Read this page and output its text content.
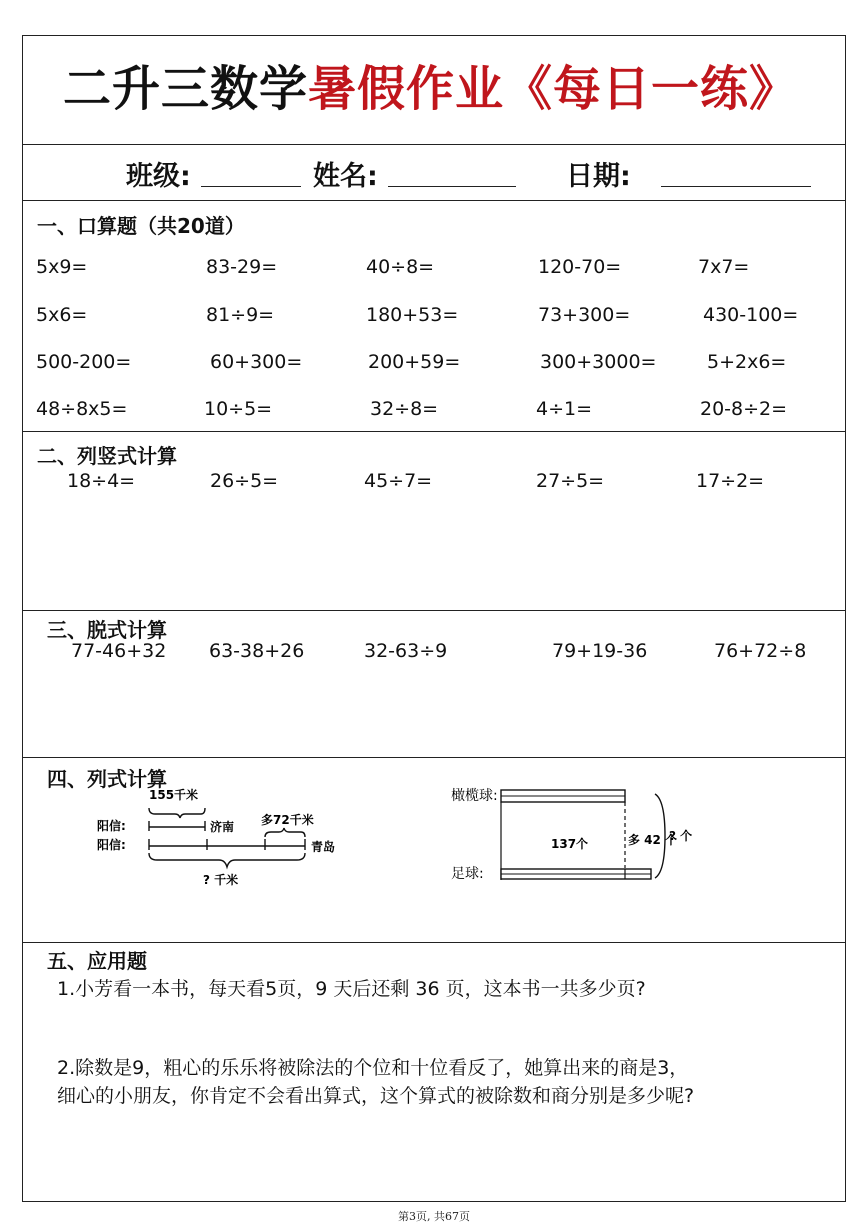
二升三数学暑假作业《每日一练》
班级:	姓名:	日期:
一、口算题（共20道）
5x9=	83-29=	40÷8=	120-70=	7x7=
5x6=	81÷9=	180+53=	73+300=	430-100=
500-200=	60+300=	200+59=	300+3000=	5+2x6=
48÷8x5=	10÷5=	32÷8=	4÷1=	20-8÷2=
二、列竖式计算
18÷4=	26÷5=	45÷7=	27÷5=	17÷2=
三、脱式计算
77-46+32 63-38+26	32-63÷9	79+19-36	76+72÷8
四、列式计算
155千米
阳信:	济南 多72千米
阳信:	青岛
? 千米
橄榄球:
137个	多 42 个
? 个
足球:
五、应用题
1.小芳看一本书，每天看5页，9 天后还剩 36 页，这本书一共多少页?
2.除数是9，粗心的乐乐将被除法的个位和十位看反了，她算出来的商是3，
细心的小朋友，你肯定不会看出算式，这个算式的被除数和商分别是多少呢?
第3页, 共67页
